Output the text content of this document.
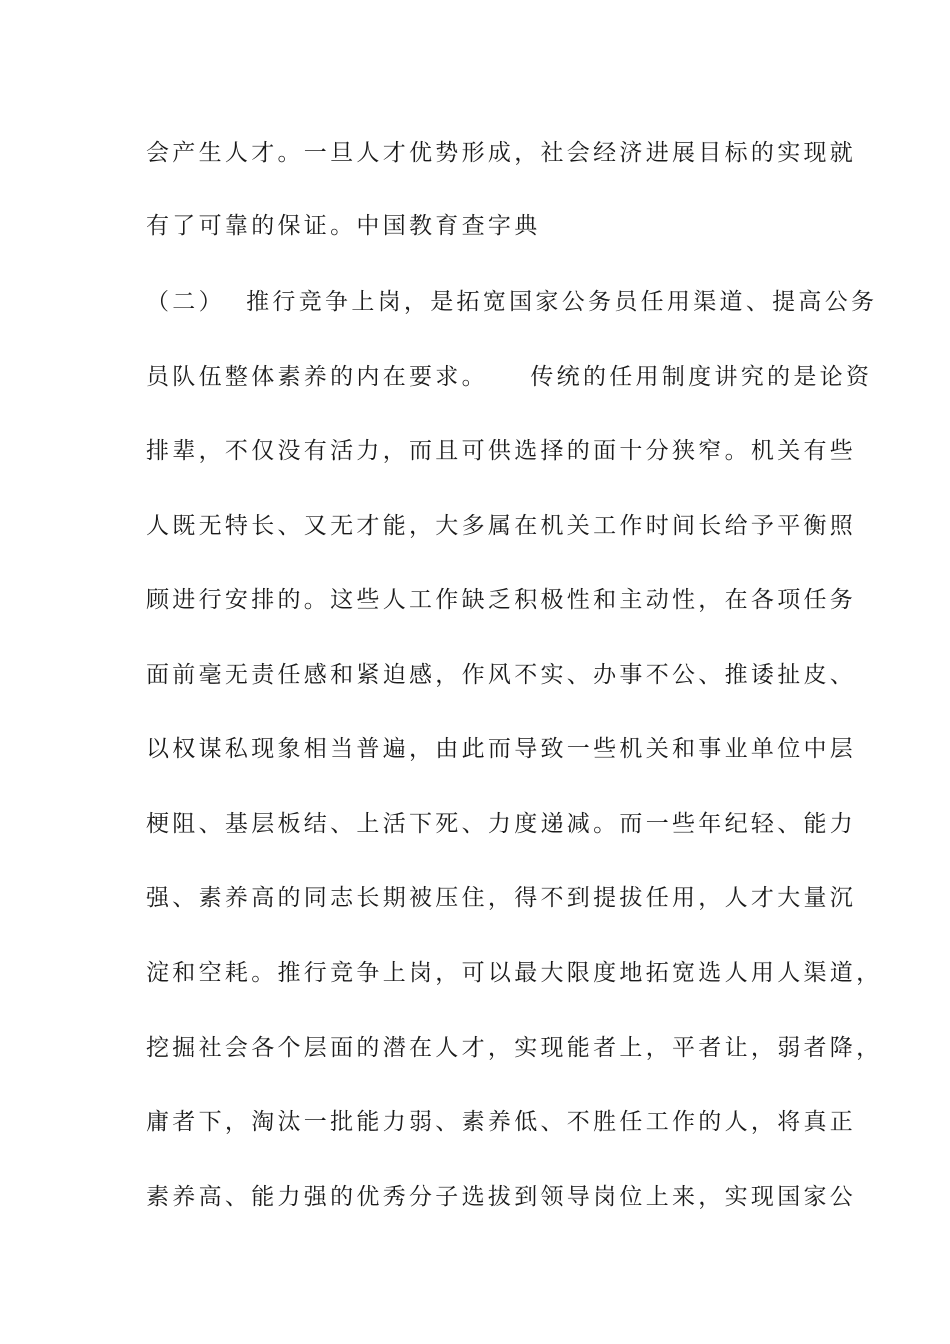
会产生人才。一旦人才优势形成，社会经济进展目标的实现就
有了可靠的保证。中国教育查字典
（二）  推行竞争上岗，是拓宽国家公务员任用渠道、提高公务
员队伍整体素养的内在要求。    传统的任用制度讲究的是论资
排辈，不仅没有活力，而且可供选择的面十分狭窄。机关有些
人既无特长、又无才能，大多属在机关工作时间长给予平衡照
顾进行安排的。这些人工作缺乏积极性和主动性，在各项任务
面前毫无责任感和紧迫感，作风不实、办事不公、推诿扯皮、
以权谋私现象相当普遍，由此而导致一些机关和事业单位中层
梗阻、基层板结、上活下死、力度递减。而一些年纪轻、能力
强、素养高的同志长期被压住，得不到提拔任用，人才大量沉
淀和空耗。推行竞争上岗，可以最大限度地拓宽选人用人渠道，
挖掘社会各个层面的潜在人才，实现能者上，平者让，弱者降，
庸者下，淘汰一批能力弱、素养低、不胜任工作的人，将真正
素养高、能力强的优秀分子选拔到领导岗位上来，实现国家公
